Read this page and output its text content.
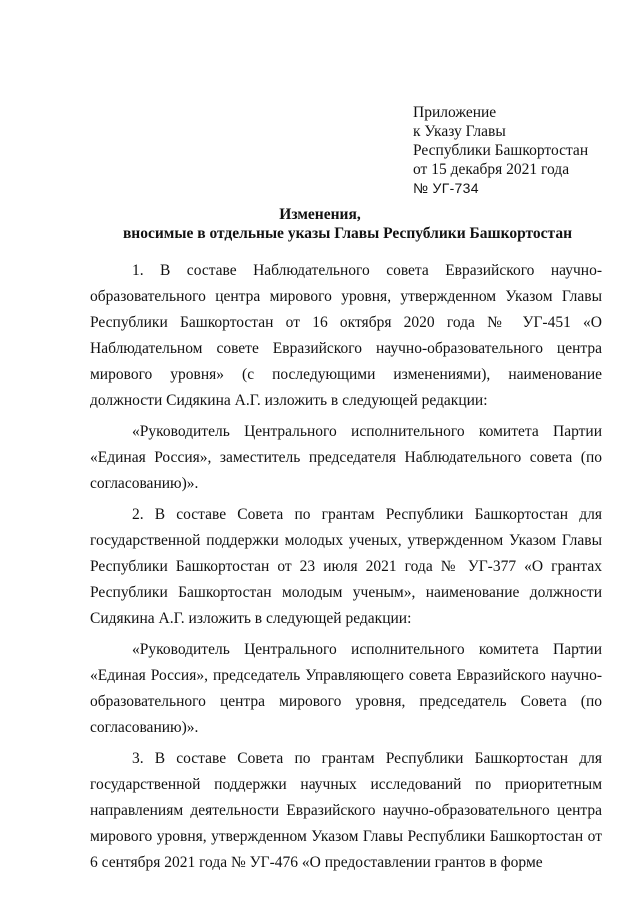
Приложение
к Указу Главы
Республики Башкортостан
от 15 декабря 2021 года
№ УГ-734
Изменения,
вносимые в отдельные указы Главы Республики Башкортостан

1. В составе Наблюдательного совета Евразийского научно-образовательного центра мирового уровня, утвержденном Указом Главы Республики Башкортостан от 16 октября 2020 года № УГ-451 «О Наблюдательном совете Евразийского научно-образовательного центра мирового уровня» (с последующими изменениями), наименование должности Сидякина А.Г. изложить в следующей редакции:

«Руководитель Центрального исполнительного комитета Партии «Единая Россия», заместитель председателя Наблюдательного совета (по согласованию)».

2. В составе Совета по грантам Республики Башкортостан для государственной поддержки молодых ученых, утвержденном Указом Главы Республики Башкортостан от 23 июля 2021 года № УГ-377 «О грантах Республики Башкортостан молодым ученым», наименование должности Сидякина А.Г. изложить в следующей редакции:

«Руководитель Центрального исполнительного комитета Партии «Единая Россия», председатель Управляющего совета Евразийского научно-образовательного центра мирового уровня, председатель Совета (по согласованию)».

3. В составе Совета по грантам Республики Башкортостан для государственной поддержки научных исследований по приоритетным направлениям деятельности Евразийского научно-образовательного центра мирового уровня, утвержденном Указом Главы Республики Башкортостан от 6 сентября 2021 года № УГ-476 «О предоставлении грантов в форме
